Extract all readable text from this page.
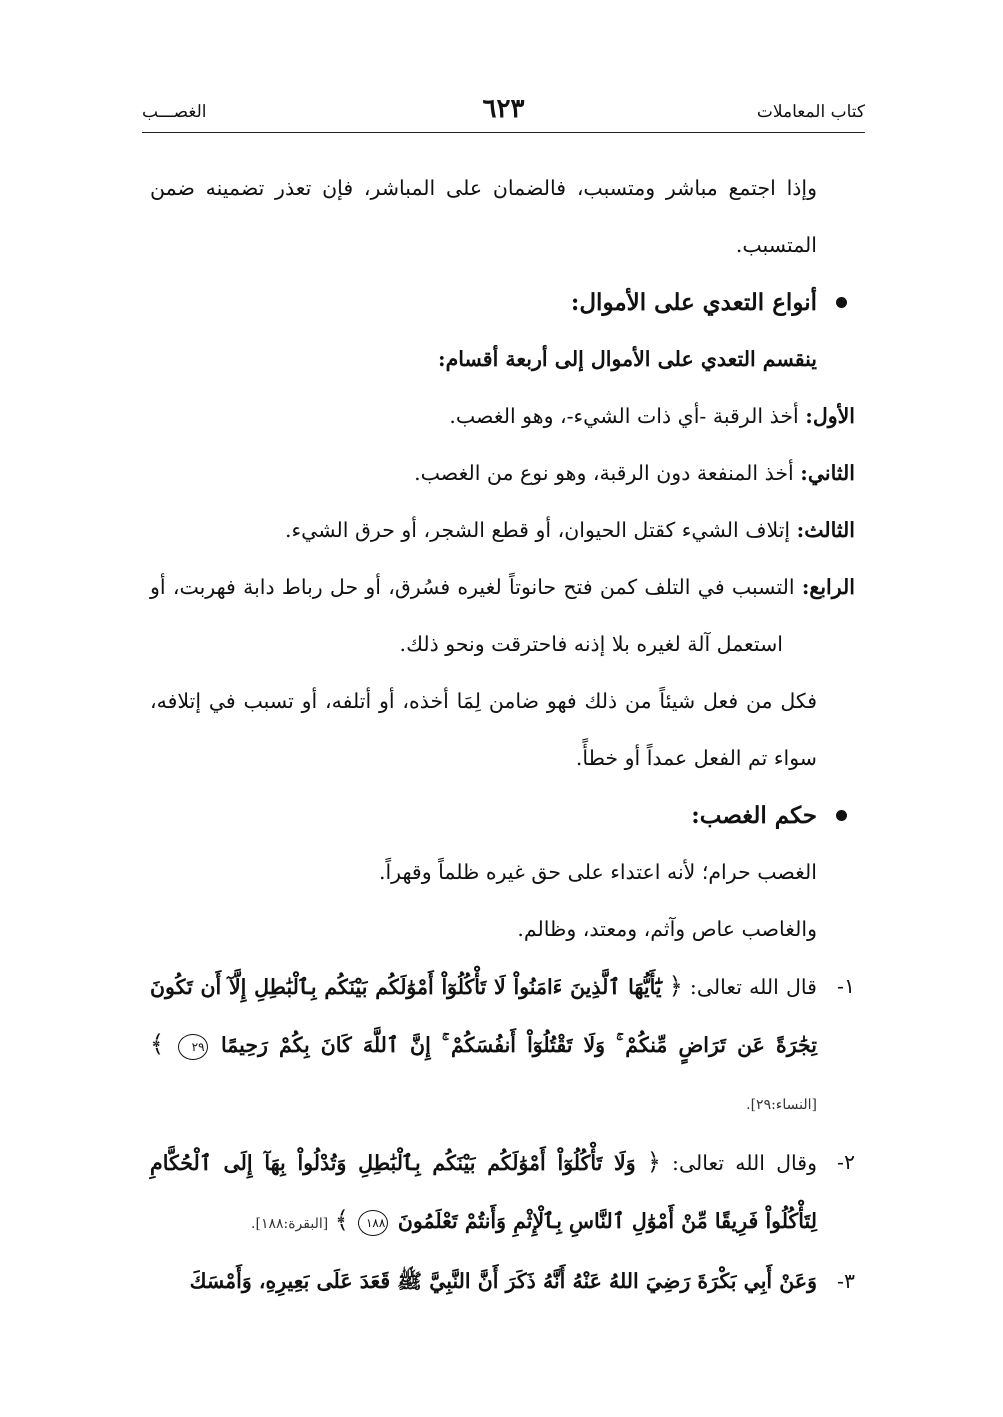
كتاب المعاملات
٦٢٣
الغصـــب

وإذا اجتمع مباشر ومتسبب، فالضمان على المباشر، فإن تعذر تضمينه ضمن المتسبب.

أنواع التعدي على الأموال:

ينقسم التعدي على الأموال إلى أربعة أقسام:

الأول: أخذ الرقبة -أي ذات الشيء-، وهو الغصب.

الثاني: أخذ المنفعة دون الرقبة، وهو نوع من الغصب.

الثالث: إتلاف الشيء كقتل الحيوان، أو قطع الشجر، أو حرق الشيء.

الرابع: التسبب في التلف كمن فتح حانوتاً لغيره فسُرق، أو حل رباط دابة فهربت، أو استعمل آلة لغيره بلا إذنه فاحترقت ونحو ذلك.

فكل من فعل شيئاً من ذلك فهو ضامن لِمَا أخذه، أو أتلفه، أو تسبب في إتلافه، سواء تم الفعل عمداً أو خطأً.

حكم الغصب:

الغصب حرام؛ لأنه اعتداء على حق غيره ظلماً وقهراً.

والغاصب عاص وآثم، ومعتد، وظالم.

١-
قال الله تعالى: ﴿ يَٰٓأَيُّهَا ٱلَّذِينَ ءَامَنُواْ لَا تَأْكُلُوٓاْ أَمْوَٰلَكُم بَيْنَكُم بِٱلْبَٰطِلِ إِلَّآ أَن تَكُونَ تِجَٰرَةً عَن تَرَاضٍ مِّنكُمْ ۚ وَلَا تَقْتُلُوٓاْ أَنفُسَكُمْ ۚ إِنَّ ٱللَّهَ كَانَ بِكُمْ رَحِيمًا ٢٩ ﴾ [النساء:٢٩].

٢-
وقال الله تعالى: ﴿ وَلَا تَأْكُلُوٓاْ أَمْوَٰلَكُم بَيْنَكُم بِٱلْبَٰطِلِ وَتُدْلُواْ بِهَآ إِلَى ٱلْحُكَّامِ لِتَأْكُلُواْ فَرِيقًا مِّنْ أَمْوَٰلِ ٱلنَّاسِ بِٱلْإِثْمِ وَأَنتُمْ تَعْلَمُونَ ١٨٨ ﴾ [البقرة:١٨٨].

٣-
وَعَنْ أَبِي بَكْرَةَ رَضِيَ اللهُ عَنْهُ أَنَّهُ ذَكَرَ أَنَّ النَّبِيَّ ﷺ قَعَدَ عَلَى بَعِيرِهِ، وَأَمْسَكَ
